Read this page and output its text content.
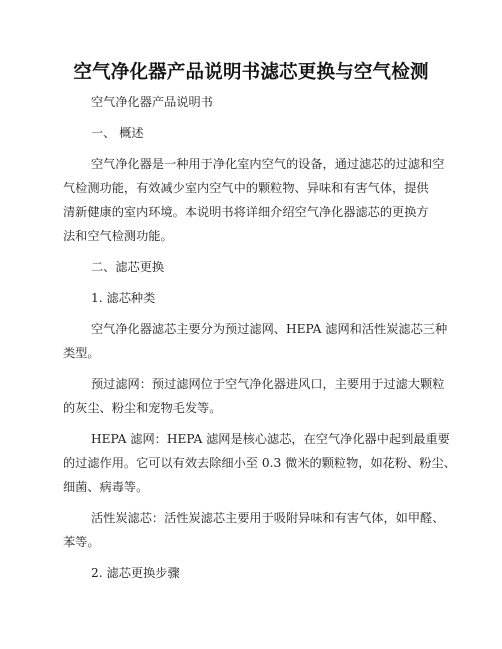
空气净化器产品说明书滤芯更换与空气检测
空气净化器产品说明书
一、 概述
空气净化器是一种用于净化室内空气的设备，通过滤芯的过滤和空
气检测功能，有效减少室内空气中的颗粒物、异味和有害气体，提供
清新健康的室内环境。本说明书将详细介绍空气净化器滤芯的更换方
法和空气检测功能。
二、滤芯更换
1. 滤芯种类
空气净化器滤芯主要分为预过滤网、HEPA 滤网和活性炭滤芯三种
类型。
预过滤网：预过滤网位于空气净化器进风口，主要用于过滤大颗粒
的灰尘、粉尘和宠物毛发等。
HEPA 滤网：HEPA 滤网是核心滤芯，在空气净化器中起到最重要
的过滤作用。它可以有效去除细小至 0.3 微米的颗粒物，如花粉、粉尘、
细菌、病毒等。
活性炭滤芯：活性炭滤芯主要用于吸附异味和有害气体，如甲醛、
苯等。
2. 滤芯更换步骤
